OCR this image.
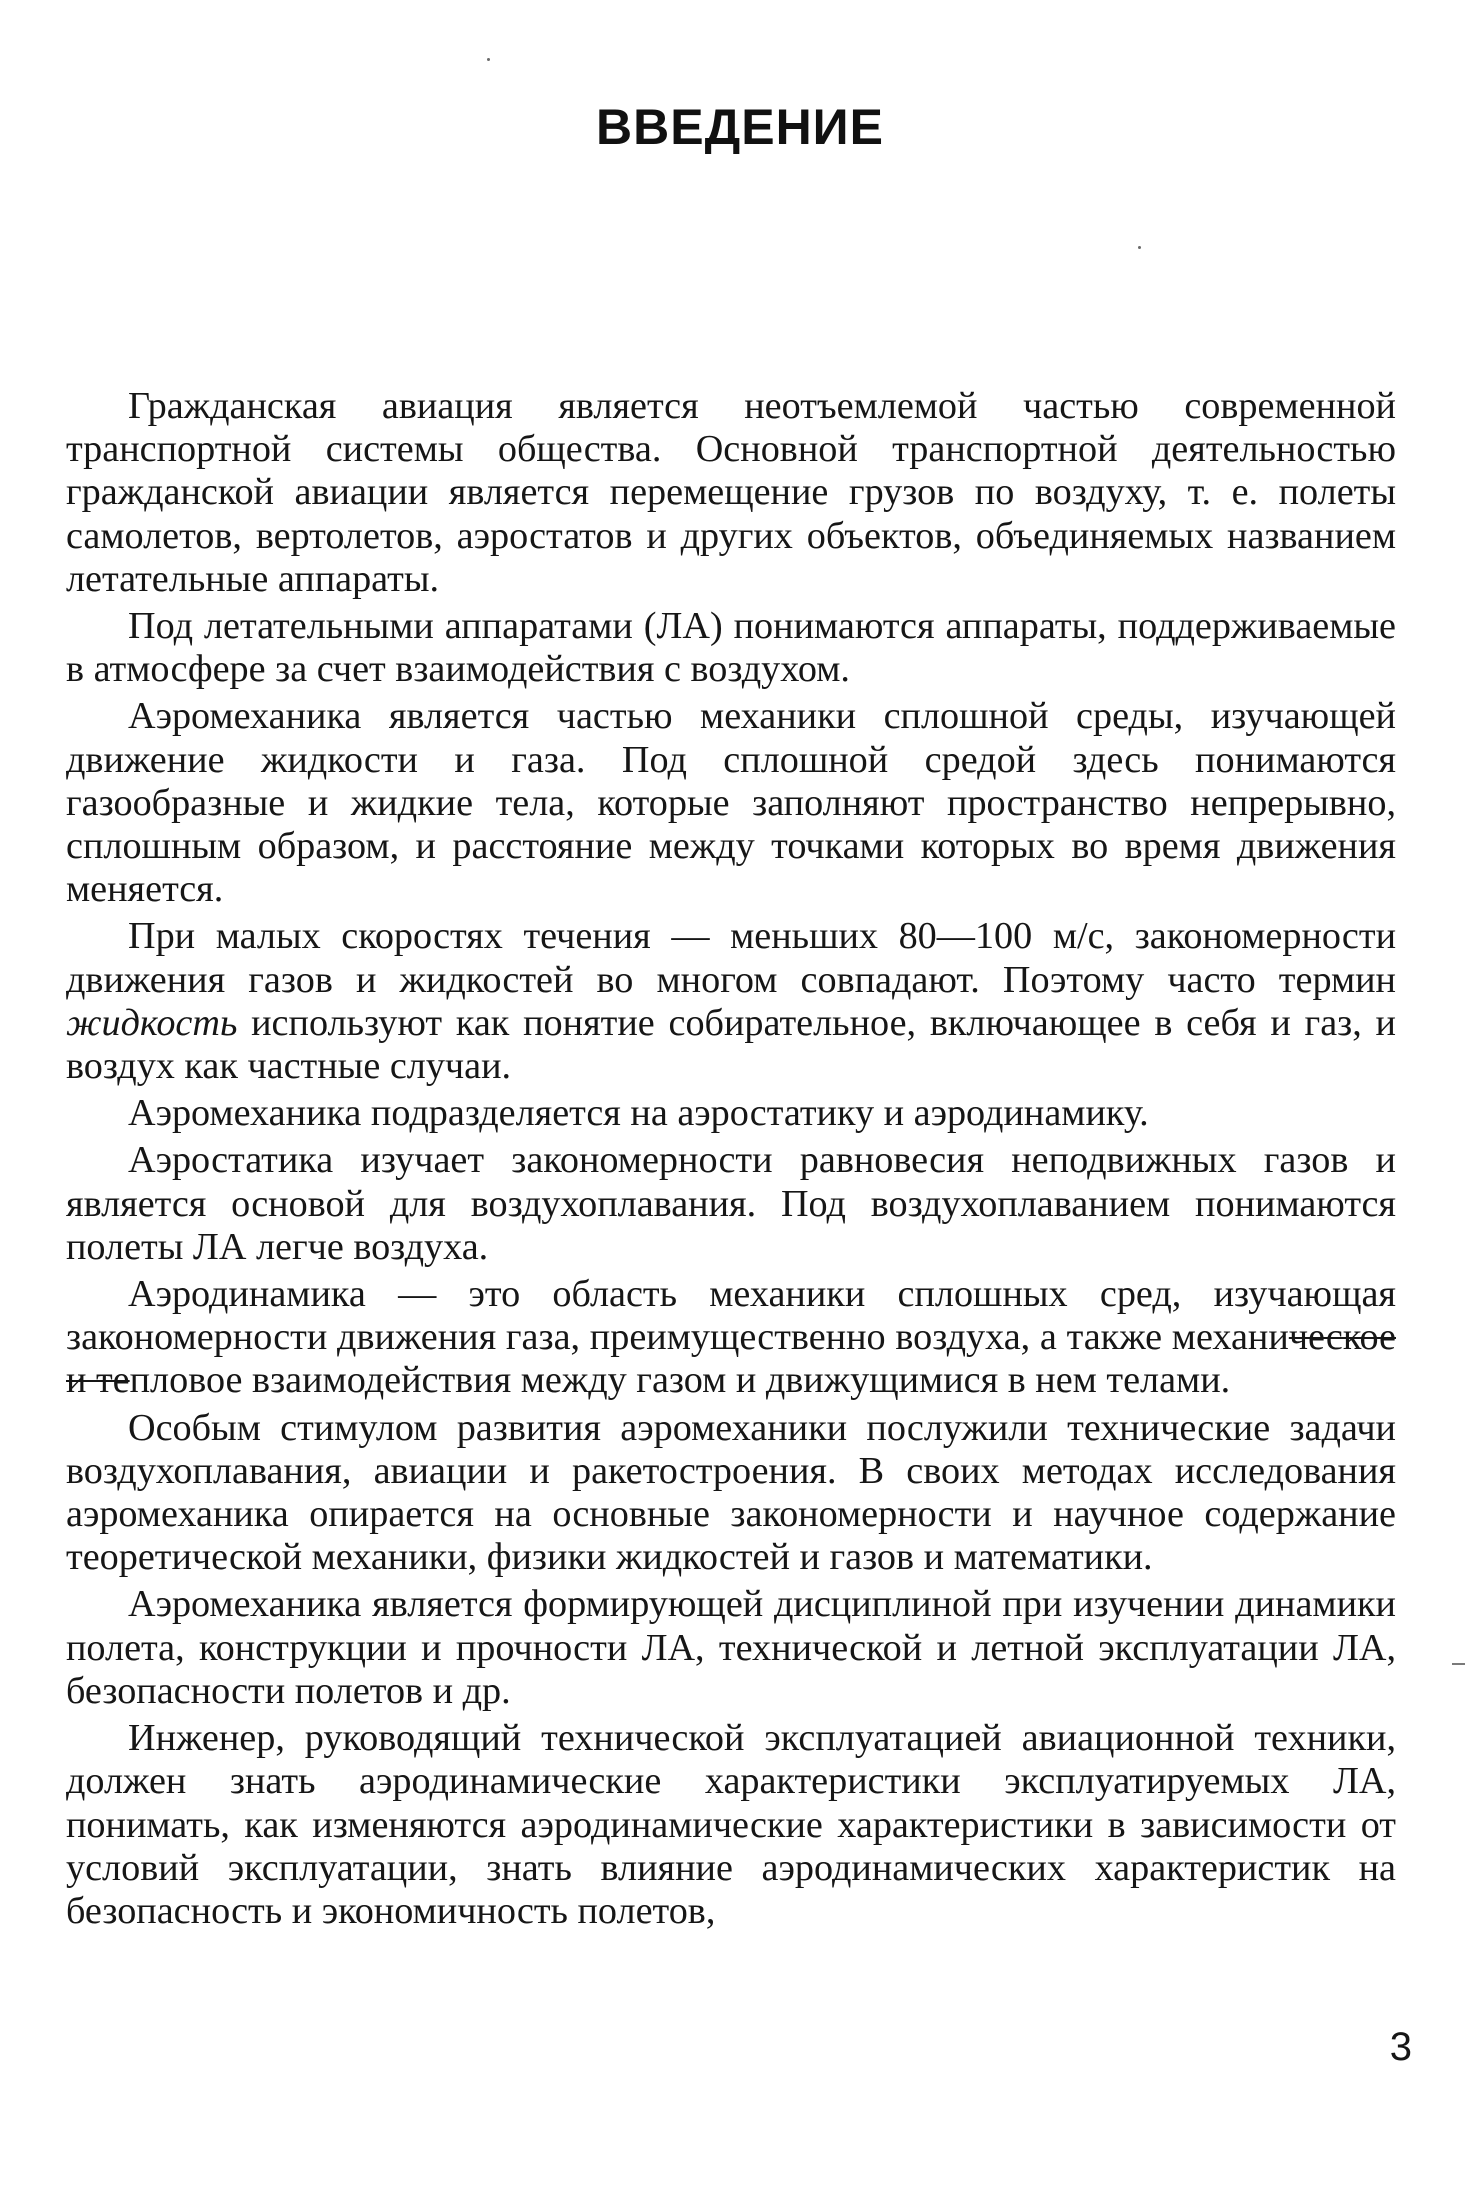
ВВЕДЕНИЕ

Гражданская авиация является неотъемлемой частью современной транспортной системы общества. Основной транспортной деятельностью гражданской авиации является перемещение грузов по воздуху, т. е. полеты самолетов, вертолетов, аэростатов и других объектов, объединяемых названием летательные аппараты.

Под летательными аппаратами (ЛА) понимаются аппараты, поддерживаемые в атмосфере за счет взаимодействия с воздухом.

Аэромеханика является частью механики сплошной среды, изучающей движение жидкости и газа. Под сплошной средой здесь понимаются газообразные и жидкие тела, которые заполняют пространство непрерывно, сплошным образом, и расстояние между точками которых во время движения меняется.

При малых скоростях течения — меньших 80—100 м/с, закономерности движения газов и жидкостей во многом совпадают. Поэтому часто термин жидкость используют как понятие собирательное, включающее в себя и газ, и воздух как частные случаи.

Аэромеханика подразделяется на аэростатику и аэродинамику.

Аэростатика изучает закономерности равновесия неподвижных газов и является основой для воздухоплавания. Под воздухоплаванием понимаются полеты ЛА легче воздуха.

Аэродинамика — это область механики сплошных сред, изучающая закономерности движения газа, преимущественно воздуха, а также механическое и тепловое взаимодействия между газом и движущимися в нем телами.

Особым стимулом развития аэромеханики послужили технические задачи воздухоплавания, авиации и ракетостроения. В своих методах исследования аэромеханика опирается на основные закономерности и научное содержание теоретической механики, физики жидкостей и газов и математики.

Аэромеханика является формирующей дисциплиной при изучении динамики полета, конструкции и прочности ЛА, технической и летной эксплуатации ЛА, безопасности полетов и др.

Инженер, руководящий технической эксплуатацией авиационной техники, должен знать аэродинамические характеристики эксплуатируемых ЛА, понимать, как изменяются аэродинамические характеристики в зависимости от условий эксплуатации, знать влияние аэродинамических характеристик на безопасность и экономичность полетов,

3
